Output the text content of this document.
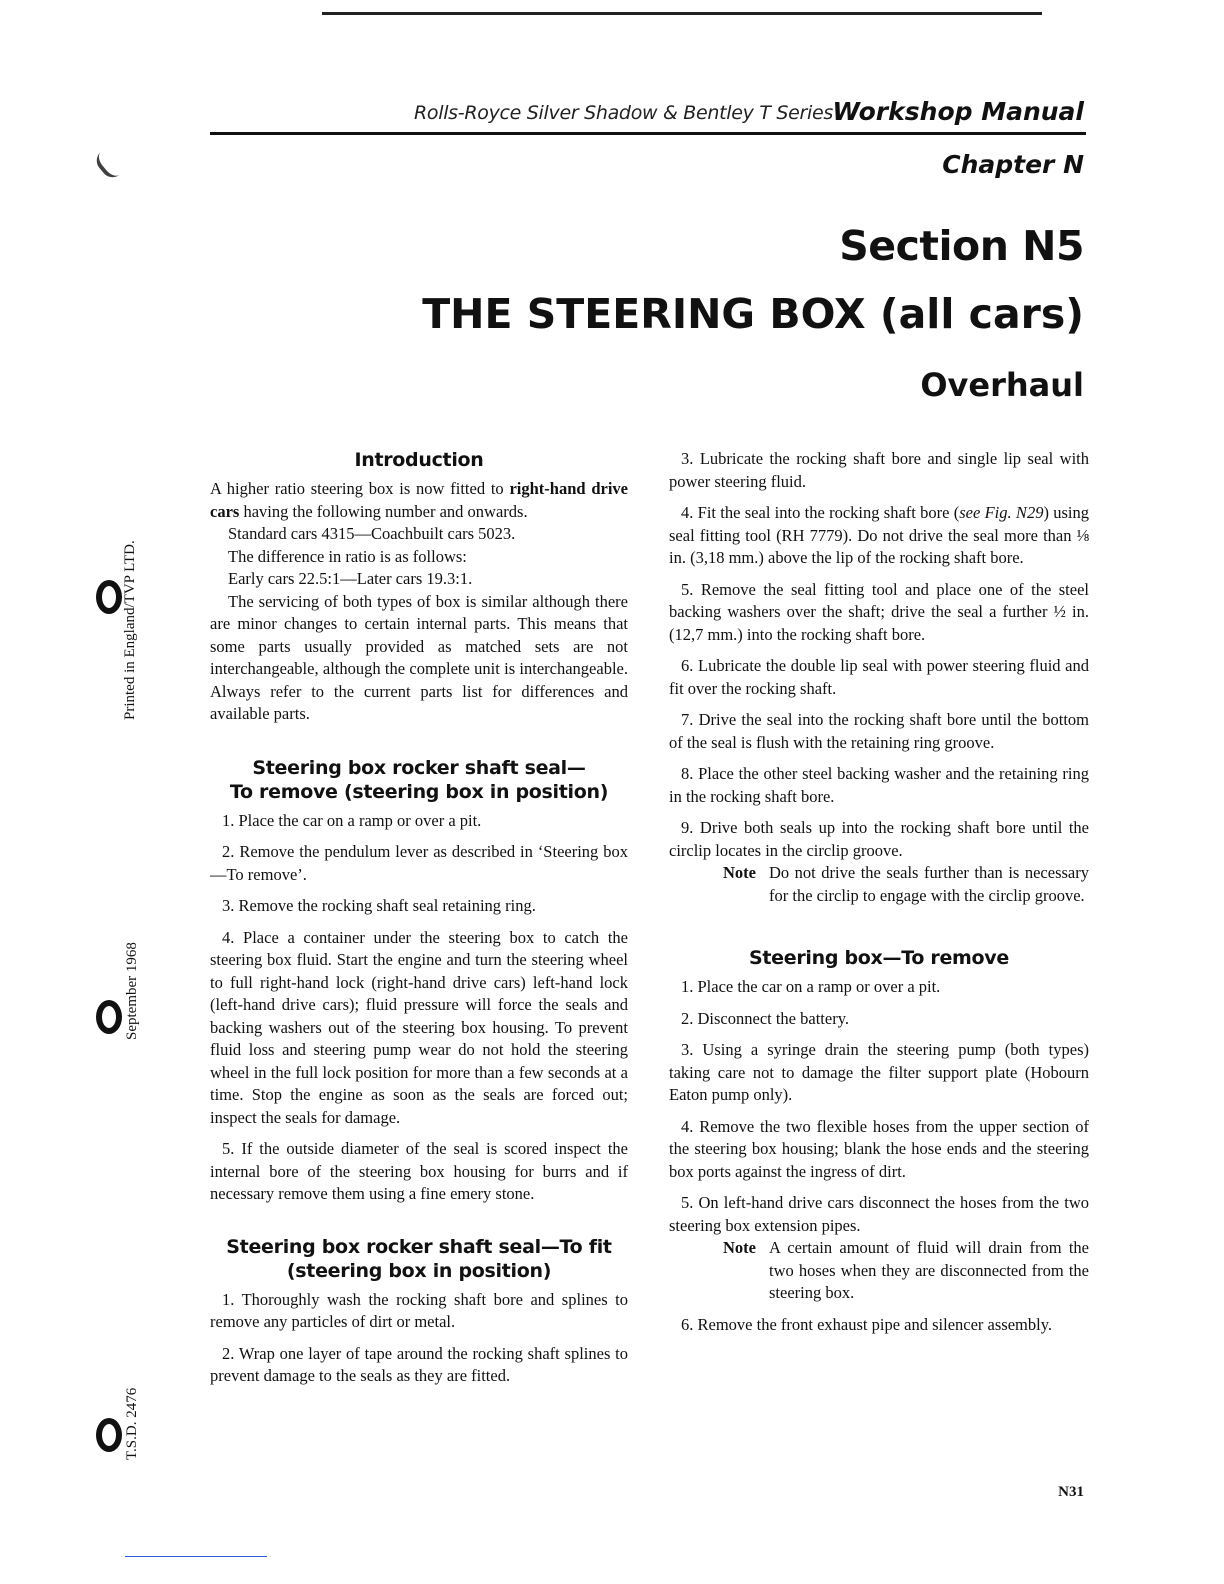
Printed in England/TVP LTD.
September 1968
T.S.D. 2476
Rolls-Royce Silver Shadow & Bentley T Series Workshop Manual
Chapter N
Section N5
THE STEERING BOX (all cars)
Overhaul
Introduction

A higher ratio steering box is now fitted to right-hand drive cars having the following number and onwards.

Standard cars 4315—Coachbuilt cars 5023.

The difference in ratio is as follows:

Early cars 22.5:1—Later cars 19.3:1.

The servicing of both types of box is similar although there are minor changes to certain internal parts. This means that some parts usually provided as matched sets are not interchangeable, although the complete unit is interchangeable. Always refer to the current parts list for differences and available parts.

Steering box rocker shaft seal—
To remove (steering box in position)

1. Place the car on a ramp or over a pit.

2. Remove the pendulum lever as described in ‘Steering box—To remove’.

3. Remove the rocking shaft seal retaining ring.

4. Place a container under the steering box to catch the steering box fluid. Start the engine and turn the steering wheel to full right-hand lock (right-hand drive cars) left-hand lock (left-hand drive cars); fluid pressure will force the seals and backing washers out of the steering box housing. To prevent fluid loss and steering pump wear do not hold the steering wheel in the full lock position for more than a few seconds at a time. Stop the engine as soon as the seals are forced out; inspect the seals for damage.

5. If the outside diameter of the seal is scored inspect the internal bore of the steering box housing for burrs and if necessary remove them using a fine emery stone.

Steering box rocker shaft seal—To fit
(steering box in position)

1. Thoroughly wash the rocking shaft bore and splines to remove any particles of dirt or metal.

2. Wrap one layer of tape around the rocking shaft splines to prevent damage to the seals as they are fitted.

3. Lubricate the rocking shaft bore and single lip seal with power steering fluid.

4. Fit the seal into the rocking shaft bore (see Fig. N29) using seal fitting tool (RH 7779). Do not drive the seal more than ⅛ in. (3,18 mm.) above the lip of the rocking shaft bore.

5. Remove the seal fitting tool and place one of the steel backing washers over the shaft; drive the seal a further ½ in. (12,7 mm.) into the rocking shaft bore.

6. Lubricate the double lip seal with power steering fluid and fit over the rocking shaft.

7. Drive the seal into the rocking shaft bore until the bottom of the seal is flush with the retaining ring groove.

8. Place the other steel backing washer and the retaining ring in the rocking shaft bore.

9. Drive both seals up into the rocking shaft bore until the circlip locates in the circlip groove.

Note Do not drive the seals further than is necessary for the circlip to engage with the circlip groove.
Steering box—To remove

1. Place the car on a ramp or over a pit.

2. Disconnect the battery.

3. Using a syringe drain the steering pump (both types) taking care not to damage the filter support plate (Hobourn Eaton pump only).

4. Remove the two flexible hoses from the upper section of the steering box housing; blank the hose ends and the steering box ports against the ingress of dirt.

5. On left-hand drive cars disconnect the hoses from the two steering box extension pipes.

Note A certain amount of fluid will drain from the two hoses when they are disconnected from the steering box.

6. Remove the front exhaust pipe and silencer assembly.

N31
